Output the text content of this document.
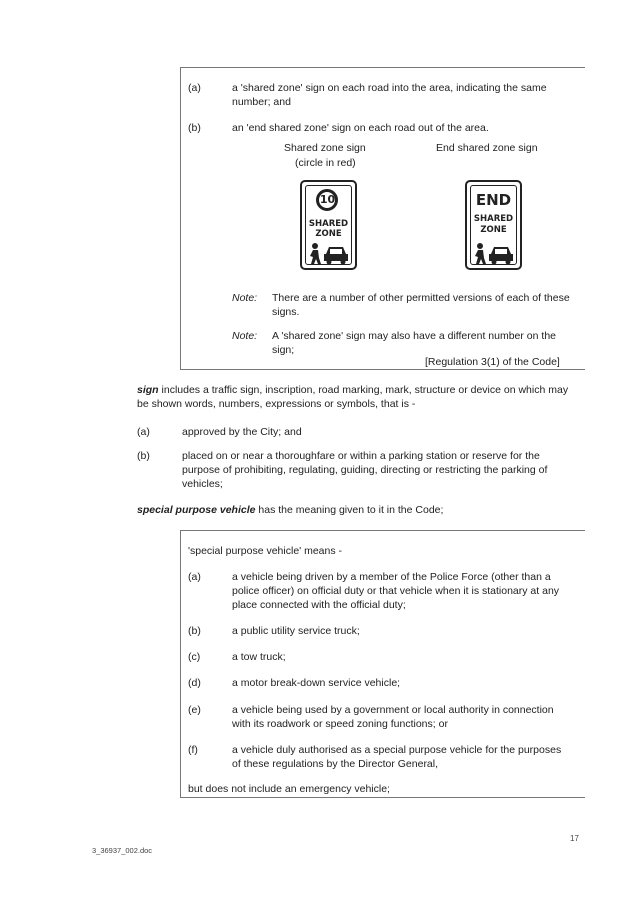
(a)	a 'shared zone' sign on each road into the area, indicating the same number; and
(b)	an 'end shared zone' sign on each road out of the area.
Shared zone sign
(circle in red)
End shared zone sign
10
SHARED
ZONE
END
SHARED
ZONE
Note: There are a number of other permitted versions of each of these signs.
Note: A 'shared zone' sign may also have a different number on the sign;
[Regulation 3(1) of the Code]
sign includes a traffic sign, inscription, road marking, mark, structure or device on which may be shown words, numbers, expressions or symbols, that is -
(a)	approved by the City; and
(b)	placed on or near a thoroughfare or within a parking station or reserve for the purpose of prohibiting, regulating, guiding, directing or restricting the parking of vehicles;
special purpose vehicle has the meaning given to it in the Code;
'special purpose vehicle' means -
(a)	a vehicle being driven by a member of the Police Force (other than a police officer) on official duty or that vehicle when it is stationary at any place connected with the official duty;
(b)	a public utility service truck;
(c)	a tow truck;
(d)	a motor break-down service vehicle;
(e)	a vehicle being used by a government or local authority in connection with its roadwork or speed zoning functions; or
(f)	a vehicle duly authorised as a special purpose vehicle for the purposes of these regulations by the Director General,
but does not include an emergency vehicle;
3_36937_002.doc
17
